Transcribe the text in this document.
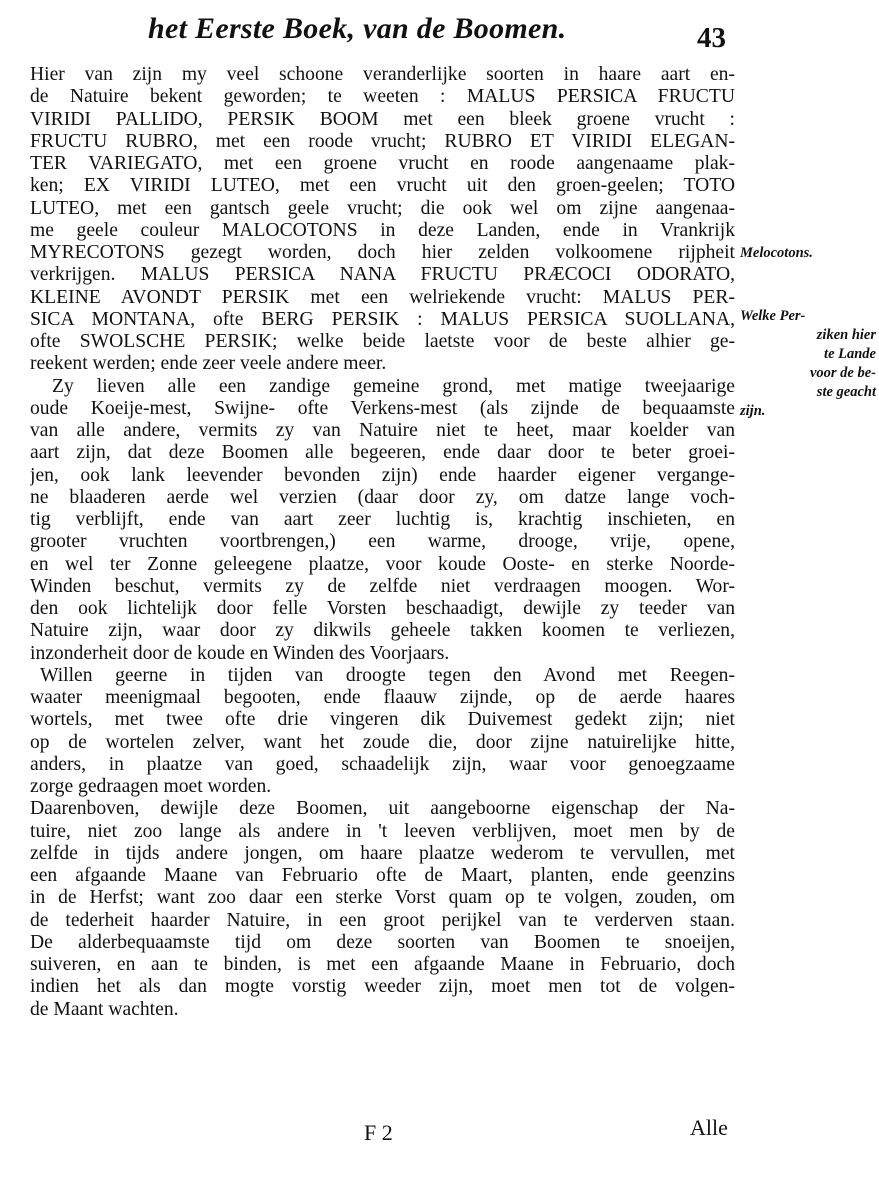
het Eerste Boek, van de Boomen.	43
Hier van zijn my veel schoone veranderlijke soorten in haare aart en-
de Natuire bekent geworden; te weeten : MALUS PERSICA FRUCTU
VIRIDI PALLIDO, PERSIK BOOM met een bleek groene vrucht :
FRUCTU RUBRO, met een roode vrucht; RUBRO ET VIRIDI ELEGAN-
TER VARIEGATO, met een groene vrucht en roode aangenaame plak-
ken; EX VIRIDI LUTEO, met een vrucht uit den groen-geelen; TOTO
LUTEO, met een gantsch geele vrucht; die ook wel om zijne aangenaa-
me geele couleur MALOCOTONS in deze Landen, ende in Vrankrijk
MYRECOTONS gezegt worden, doch hier zelden volkoomene rijpheit
verkrijgen. MALUS PERSICA NANA FRUCTU PRÆCOCI ODORATO,
KLEINE AVONDT PERSIK met een welriekende vrucht: MALUS PER-
SICA MONTANA, ofte BERG PERSIK : MALUS PERSICA SUOLLANA,
ofte SWOLSCHE PERSIK; welke beide laetste voor de beste alhier ge-
reekent werden; ende zeer veele andere meer.
Zy lieven alle een zandige gemeine grond, met matige tweejaarige
oude Koeije-mest, Swijne- ofte Verkens-mest (als zijnde de bequaamste
van alle andere, vermits zy van Natuire niet te heet, maar koelder van
aart zijn, dat deze Boomen alle begeeren, ende daar door te beter groei-
jen, ook lank leevender bevonden zijn) ende haarder eigener vergange-
ne blaaderen aerde wel verzien (daar door zy, om datze lange voch-
tig verblijft, ende van aart zeer luchtig is, krachtig inschieten, en
grooter vruchten voortbrengen,) een warme, drooge, vrije, opene,
en wel ter Zonne geleegene plaatze, voor koude Ooste- en sterke Noorde-
Winden beschut, vermits zy de zelfde niet verdraagen moogen. Wor-
den ook lichtelijk door felle Vorsten beschaadigt, dewijle zy teeder van
Natuire zijn, waar door zy dikwils geheele takken koomen te verliezen,
inzonderheit door de koude en Winden des Voorjaars.
Willen geerne in tijden van droogte tegen den Avond met Reegen-
waater meenigmaal begooten, ende flaauw zijnde, op de aerde haares
wortels, met twee ofte drie vingeren dik Duivemest gedekt zijn; niet
op de wortelen zelver, want het zoude die, door zijne natuirelijke hitte,
anders, in plaatze van goed, schaadelijk zijn, waar voor genoegzaame
zorge gedraagen moet worden.
Daarenboven, dewijle deze Boomen, uit aangeboorne eigenschap der Na-
tuire, niet zoo lange als andere in 't leeven verblijven, moet men by de
zelfde in tijds andere jongen, om haare plaatze wederom te vervullen, met
een afgaande Maane van Februario ofte de Maart, planten, ende geenzins
in de Herfst; want zoo daar een sterke Vorst quam op te volgen, zouden, om
de tederheit haarder Natuire, in een groot perijkel van te verderven staan.
De alderbequaamste tijd om deze soorten van Boomen te snoeijen,
suiveren, en aan te binden, is met een afgaande Maane in Februario, doch
indien het als dan mogte vorstig weeder zijn, moet men tot de volgen-
de Maant wachten.
Melocotons.
Welke Per-
ziken hier
te Lande
voor de be-
ste geacht
zijn.
F 2	Alle
